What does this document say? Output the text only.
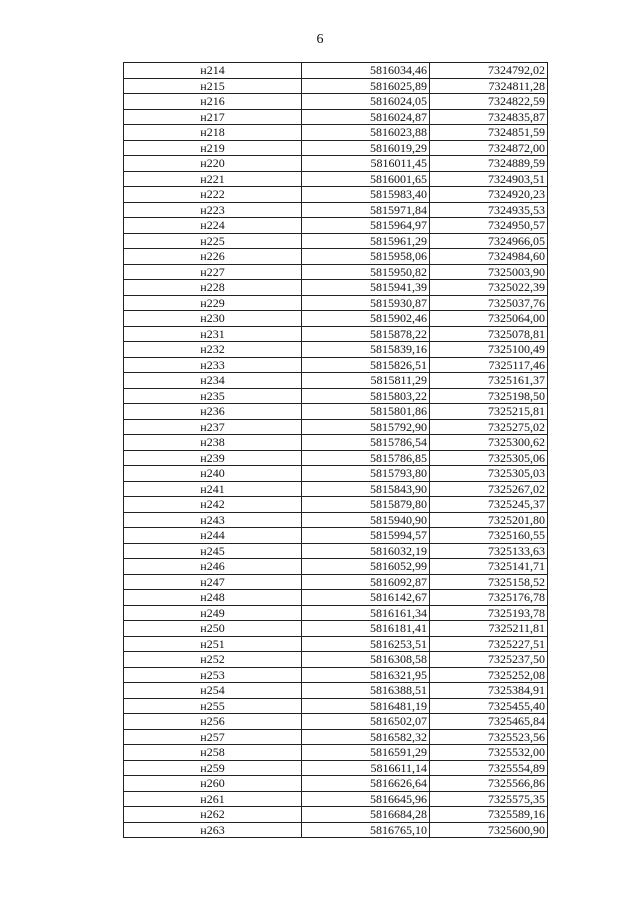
6
н214	5816034,46	7324792,02
н215	5816025,89	7324811,28
н216	5816024,05	7324822,59
н217	5816024,87	7324835,87
н218	5816023,88	7324851,59
н219	5816019,29	7324872,00
н220	5816011,45	7324889,59
н221	5816001,65	7324903,51
н222	5815983,40	7324920,23
н223	5815971,84	7324935,53
н224	5815964,97	7324950,57
н225	5815961,29	7324966,05
н226	5815958,06	7324984,60
н227	5815950,82	7325003,90
н228	5815941,39	7325022,39
н229	5815930,87	7325037,76
н230	5815902,46	7325064,00
н231	5815878,22	7325078,81
н232	5815839,16	7325100,49
н233	5815826,51	7325117,46
н234	5815811,29	7325161,37
н235	5815803,22	7325198,50
н236	5815801,86	7325215,81
н237	5815792,90	7325275,02
н238	5815786,54	7325300,62
н239	5815786,85	7325305,06
н240	5815793,80	7325305,03
н241	5815843,90	7325267,02
н242	5815879,80	7325245,37
н243	5815940,90	7325201,80
н244	5815994,57	7325160,55
н245	5816032,19	7325133,63
н246	5816052,99	7325141,71
н247	5816092,87	7325158,52
н248	5816142,67	7325176,78
н249	5816161,34	7325193,78
н250	5816181,41	7325211,81
н251	5816253,51	7325227,51
н252	5816308,58	7325237,50
н253	5816321,95	7325252,08
н254	5816388,51	7325384,91
н255	5816481,19	7325455,40
н256	5816502,07	7325465,84
н257	5816582,32	7325523,56
н258	5816591,29	7325532,00
н259	5816611,14	7325554,89
н260	5816626,64	7325566,86
н261	5816645,96	7325575,35
н262	5816684,28	7325589,16
н263	5816765,10	7325600,90
